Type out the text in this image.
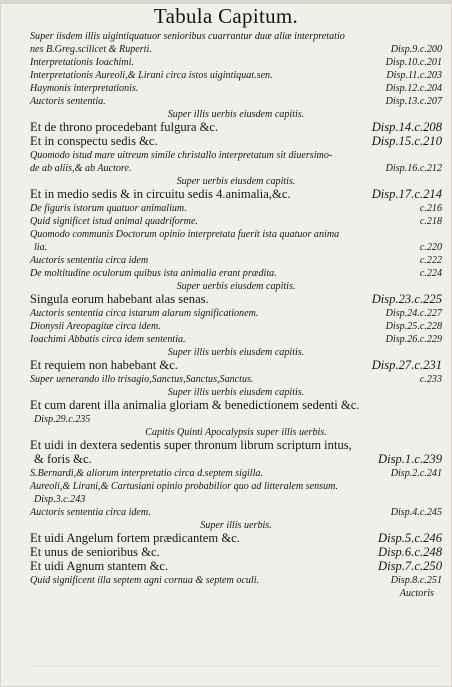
Tabula Capitum.
Super iisdem illis uigintiquatuor senioribus cuarrantur duæ aliæ interpretatio
nes B.Greg.scilicet & Ruperti.	Disp.9.c.200
Interpretationis Ioachimi.	Disp.10.c.201
Interpretationis Aureoli,& Lirani circa istos uigintiquat.sen.	Disp.11.c.203
Haymonis interpretationis.	Disp.12.c.204
Auctoris sententia.	Disp.13.c.207
Super illis uerbis eiusdem capitis.
Et de throno procedebant fulgura &c.	Disp.14.c.208
Et in conspectu sedis &c.	Disp.15.c.210
Quomodo istud mare uitreum simile christallo interpretatum sit diuersimo-
de ab aliis,& ab Auctore.	Disp.16.c.212
Super uerbis eiusdem capitis.
Et in medio sedis & in circuitu sedis 4.animalia,&c.	Disp.17.c.214
De figuris istorum quatuor animalium.	c.216
Quid significet istud animal quadriforme.	c.218
Quomodo communis Doctorum opinio interpretata fuerit ista quatuor anima
lia.	c.220
Auctoris sententia circa idem	c.222
De moltitudine oculorum quibus ista animalia erant prædita.	c.224
Super uerbis eiusdem capitis.
Singula eorum habebant alas senas.	Disp.23.c.225
Auctoris sententia circa istarum alarum significationem.	Disp.24.c.227
Dionysii Areopagitæ circa idem.	Disp.25.c.228
Ioachimi Abbatis circa idem sententia.	Disp.26.c.229
Super illis uerbis eiusdem capitis.
Et requiem non habebant &c.	Disp.27.c.231
Super uenerando illo trisagio,Sanctus,Sanctus,Sanctus.	c.233
Super illis uerbis eiusdem capitis.
Et cum darent illa animalia gloriam & benedictionem sedenti &c.
Disp.29.c.235
Capitis Quinti Apocalypsis super illis uerbis.
Et uidi in dextera sedentis super thronum librum scriptum intus,
& foris &c.	Disp.1.c.239
S.Bernardi,& aliorum interpretatio circa d.septem sigilla.	Disp.2.c.241
Aureoli,& Lirani,& Cartusiani opinio probabilior quo ad litteralem sensum.
Disp.3.c.243
Auctoris sententia circa idem.	Disp.4.c.245
Super illis uerbis.
Et uidi Angelum fortem prædicantem &c.	Disp.5.c.246
Et unus de senioribus &c.	Disp.6.c.248
Et uidi Agnum stantem &c.	Disp.7.c.250
Quid significent illa septem agni cornua & septem oculi.	Disp.8.c.251
Auctoris
